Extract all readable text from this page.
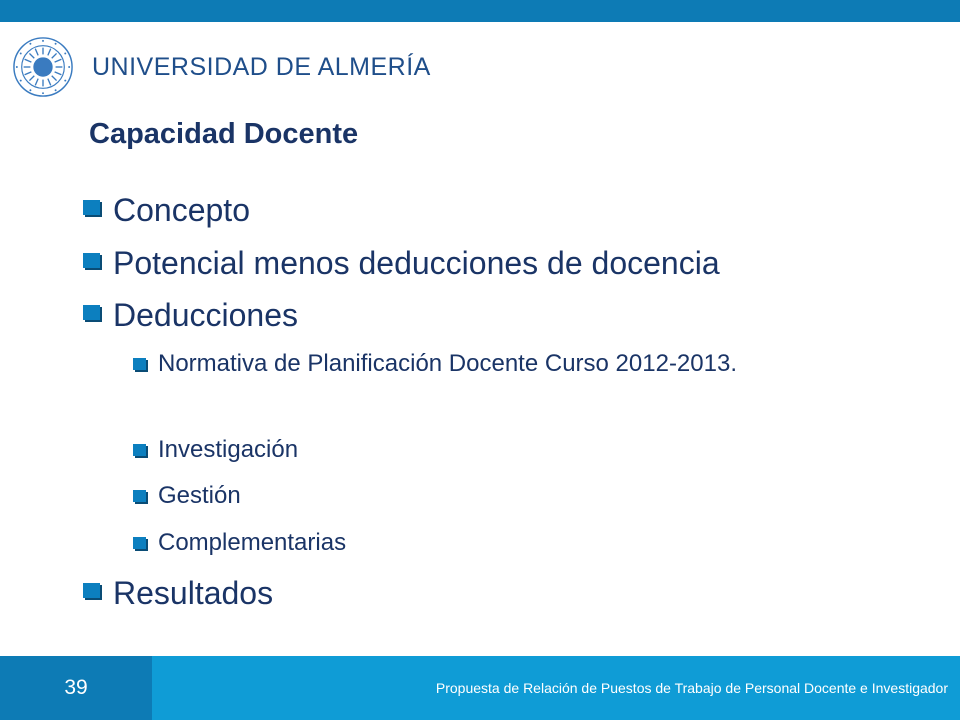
UNIVERSIDAD DE ALMERÍA
Capacidad Docente
Concepto
Potencial menos deducciones de docencia
Deducciones
Normativa de Planificación Docente Curso 2012-2013.
Investigación
Gestión
Complementarias
Resultados
39	Propuesta de Relación de Puestos de Trabajo de Personal Docente e Investigador
